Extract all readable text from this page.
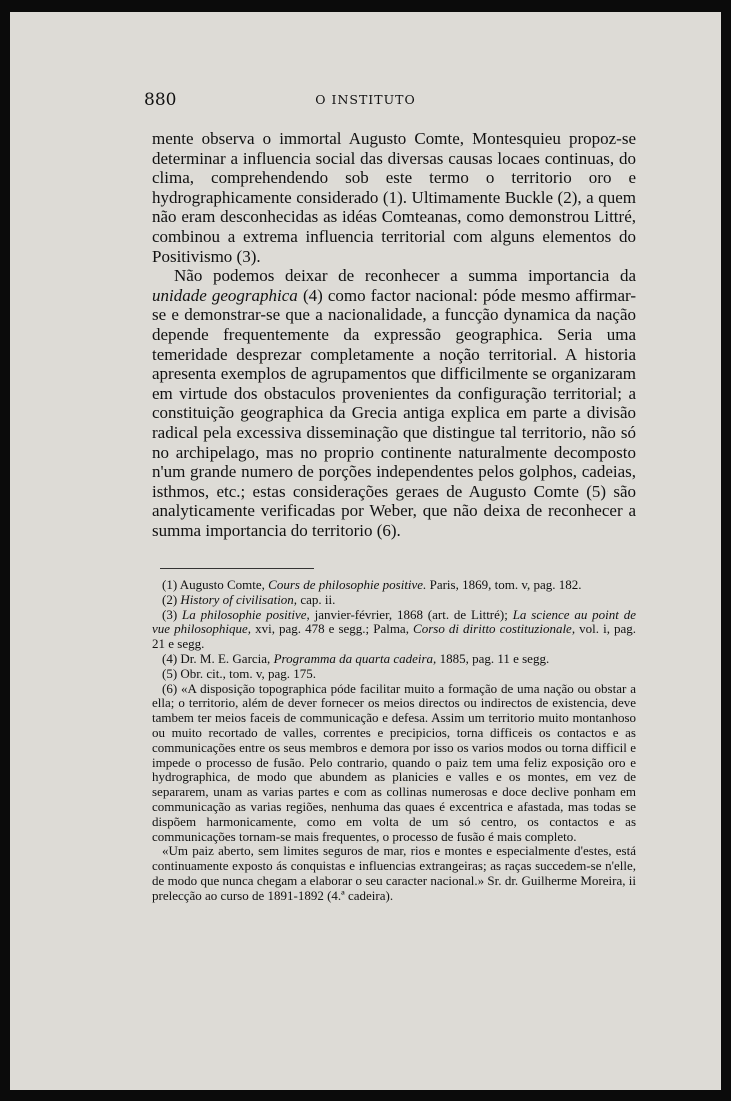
880	O INSTITUTO

mente observa o immortal Augusto Comte, Montesquieu propoz-se determinar a influencia social das diversas causas locaes continuas, do clima, comprehendendo sob este termo o territorio oro e hydrographicamente considerado (1). Ultimamente Buckle (2), a quem não eram desconhecidas as idéas Comteanas, como demonstrou Littré, combinou a extrema influencia territorial com alguns elementos do Positivismo (3).

Não podemos deixar de reconhecer a summa importancia da unidade geographica (4) como factor nacional: póde mesmo affirmar-se e demonstrar-se que a nacionalidade, a funcção dynamica da nação depende frequentemente da expressão geographica. Seria uma temeridade desprezar completamente a noção territorial. A historia apresenta exemplos de agrupamentos que difficilmente se organizaram em virtude dos obstaculos provenientes da configuração territorial; a constituição geographica da Grecia antiga explica em parte a divisão radical pela excessiva disseminação que distingue tal territorio, não só no archipelago, mas no proprio continente naturalmente decomposto n'um grande numero de porções independentes pelos golphos, cadeias, isthmos, etc.; estas considerações geraes de Augusto Comte (5) são analyticamente verificadas por Weber, que não deixa de reconhecer a summa importancia do territorio (6).

(1) Augusto Comte, Cours de philosophie positive. Paris, 1869, tom. v, pag. 182.

(2) History of civilisation, cap. ii.

(3) La philosophie positive, janvier-février, 1868 (art. de Littré); La science au point de vue philosophique, xvi, pag. 478 e segg.; Palma, Corso di diritto costituzionale, vol. i, pag. 21 e segg.

(4) Dr. M. E. Garcia, Programma da quarta cadeira, 1885, pag. 11 e segg.

(5) Obr. cit., tom. v, pag. 175.

(6) «A disposição topographica póde facilitar muito a formação de uma nação ou obstar a ella; o territorio, além de dever fornecer os meios directos ou indirectos de existencia, deve tambem ter meios faceis de communicação e defesa. Assim um territorio muito montanhoso ou muito recortado de valles, correntes e precipicios, torna difficeis os contactos e as communicações entre os seus membros e demora por isso os varios modos ou torna difficil e impede o processo de fusão. Pelo contrario, quando o paiz tem uma feliz exposição oro e hydrographica, de modo que abundem as planicies e valles e os montes, em vez de separarem, unam as varias partes e com as collinas numerosas e doce declive ponham em communicação as varias regiões, nenhuma das quaes é excentrica e afastada, mas todas se dispõem harmonicamente, como em volta de um só centro, os contactos e as communicações tornam-se mais frequentes, o processo de fusão é mais completo.

«Um paiz aberto, sem limites seguros de mar, rios e montes e especialmente d'estes, está continuamente exposto ás conquistas e influencias extrangeiras; as raças succedem-se n'elle, de modo que nunca chegam a elaborar o seu caracter nacional.» Sr. dr. Guilherme Moreira, ii prelecção ao curso de 1891-1892 (4.ª cadeira).
